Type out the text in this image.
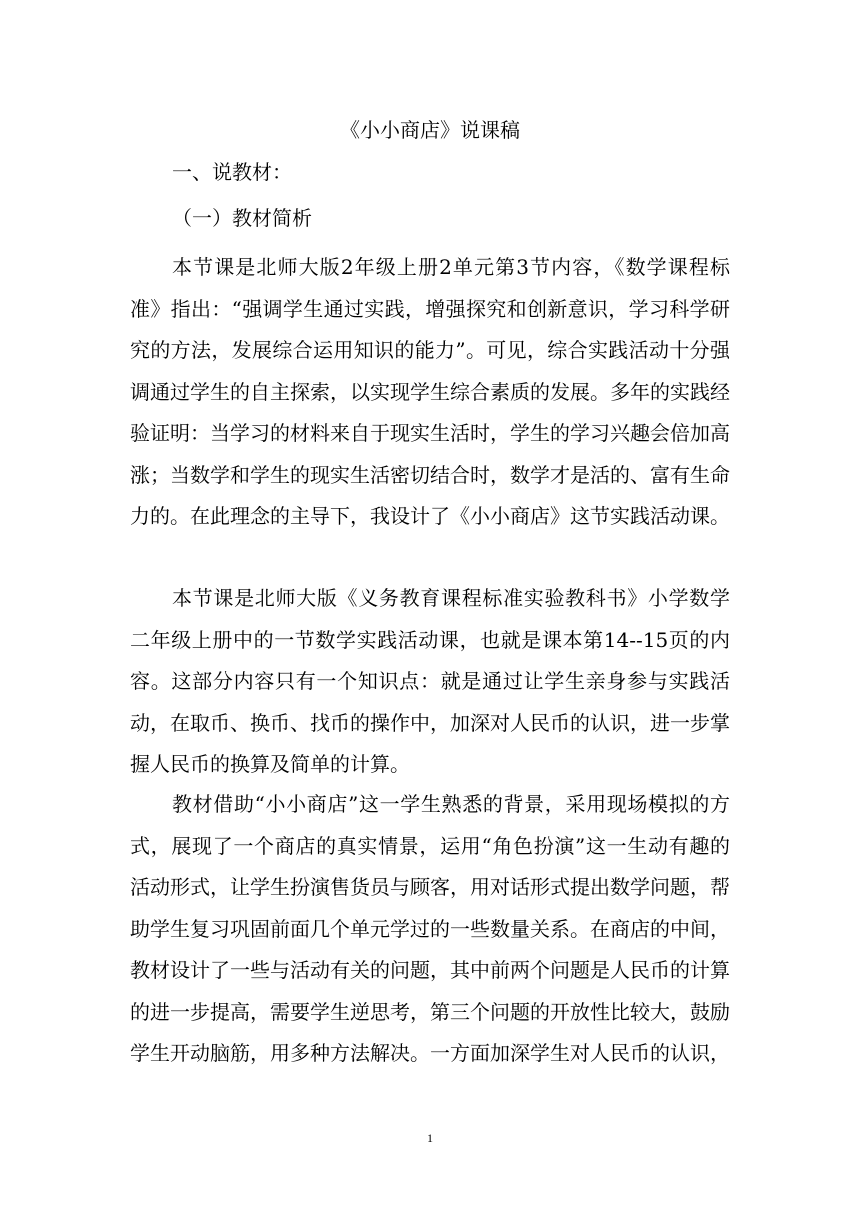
《小小商店》说课稿
一、说教材：
（一）教材简析

本节课是北师大版2年级上册2单元第3节内容，《数学课程标准》指出：“强调学生通过实践，增强探究和创新意识，学习科学研究的方法，发展综合运用知识的能力”。可见，综合实践活动十分强调通过学生的自主探索，以实现学生综合素质的发展。多年的实践经验证明：当学习的材料来自于现实生活时，学生的学习兴趣会倍加高涨；当数学和学生的现实生活密切结合时，数学才是活的、富有生命力的。在此理念的主导下，我设计了《小小商店》这节实践活动课。

本节课是北师大版《义务教育课程标准实验教科书》小学数学二年级上册中的一节数学实践活动课，也就是课本第14--15页的内容。这部分内容只有一个知识点：就是通过让学生亲身参与实践活动，在取币、换币、找币的操作中，加深对人民币的认识，进一步掌握人民币的换算及简单的计算。

教材借助“小小商店”这一学生熟悉的背景，采用现场模拟的方式，展现了一个商店的真实情景，运用“角色扮演”这一生动有趣的活动形式，让学生扮演售货员与顾客，用对话形式提出数学问题，帮助学生复习巩固前面几个单元学过的一些数量关系。在商店的中间，教材设计了一些与活动有关的问题，其中前两个问题是人民币的计算的进一步提高，需要学生逆思考，第三个问题的开放性比较大，鼓励学生开动脑筋，用多种方法解决。一方面加深学生对人民币的认识，

1
